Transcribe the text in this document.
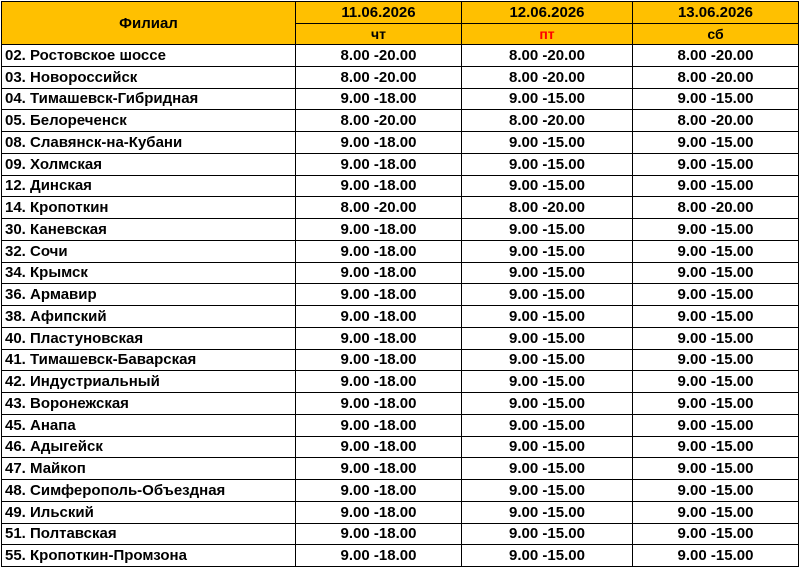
Филиал	11.06.2026	12.06.2026	13.06.2026
	чт	пт	сб
02. Ростовское шоссе	8.00 -20.00	8.00 -20.00	8.00 -20.00
03. Новороссийск	8.00 -20.00	8.00 -20.00	8.00 -20.00
04. Тимашевск-Гибридная	9.00 -18.00	9.00 -15.00	9.00 -15.00
05. Белореченск	8.00 -20.00	8.00 -20.00	8.00 -20.00
08. Славянск-на-Кубани	9.00 -18.00	9.00 -15.00	9.00 -15.00
09. Холмская	9.00 -18.00	9.00 -15.00	9.00 -15.00
12. Динская	9.00 -18.00	9.00 -15.00	9.00 -15.00
14. Кропоткин	8.00 -20.00	8.00 -20.00	8.00 -20.00
30. Каневская	9.00 -18.00	9.00 -15.00	9.00 -15.00
32. Сочи	9.00 -18.00	9.00 -15.00	9.00 -15.00
34. Крымск	9.00 -18.00	9.00 -15.00	9.00 -15.00
36. Армавир	9.00 -18.00	9.00 -15.00	9.00 -15.00
38. Афипский	9.00 -18.00	9.00 -15.00	9.00 -15.00
40. Пластуновская	9.00 -18.00	9.00 -15.00	9.00 -15.00
41. Тимашевск-Баварская	9.00 -18.00	9.00 -15.00	9.00 -15.00
42. Индустриальный	9.00 -18.00	9.00 -15.00	9.00 -15.00
43. Воронежская	9.00 -18.00	9.00 -15.00	9.00 -15.00
45. Анапа	9.00 -18.00	9.00 -15.00	9.00 -15.00
46. Адыгейск	9.00 -18.00	9.00 -15.00	9.00 -15.00
47. Майкоп	9.00 -18.00	9.00 -15.00	9.00 -15.00
48. Симферополь-Объездная	9.00 -18.00	9.00 -15.00	9.00 -15.00
49. Ильский	9.00 -18.00	9.00 -15.00	9.00 -15.00
51. Полтавская	9.00 -18.00	9.00 -15.00	9.00 -15.00
55. Кропоткин-Промзона	9.00 -18.00	9.00 -15.00	9.00 -15.00
